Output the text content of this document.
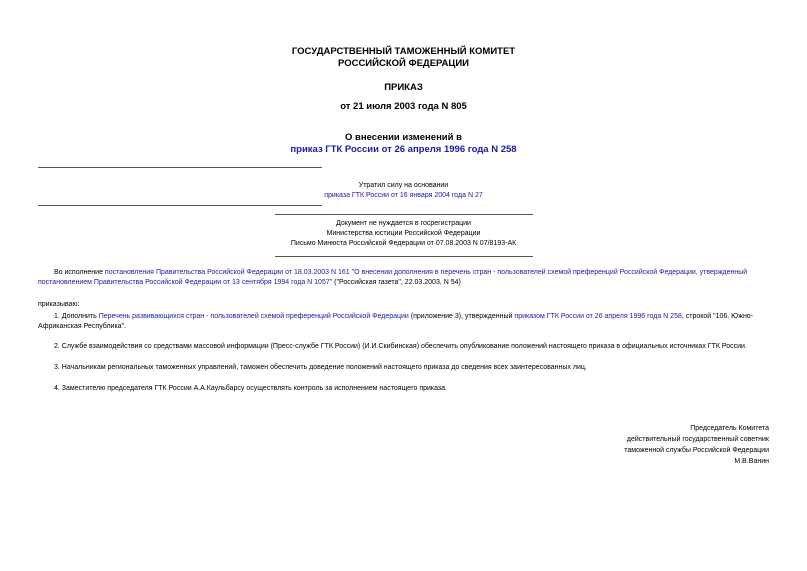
ГОСУДАРСТВЕННЫЙ ТАМОЖЕННЫЙ КОМИТЕТ
РОССИЙСКОЙ ФЕДЕРАЦИИ
ПРИКАЗ
от 21 июля 2003 года N 805
О внесении изменений в
приказ ГТК России от 26 апреля 1996 года N 258
Утратил силу на основании
приказа ГТК России от 16 января 2004 года N 27
Документ не нуждается в госрегистрации
Министерства юстиции Российской Федерации
Письмо Минюста Российской Федерации от 07.08.2003 N 07/8193-АК
Во исполнение постановления Правительства Российской Федерации от 18.03.2003 N 161 "О внесении дополнения в перечень стран - пользователей схемой преференций Российской Федерации, утвержденный постановлением Правительства Российской Федерации от 13 сентября 1994 года N 1057" ("Российская газета", 22.03.2003, N 54)
приказываю:
1. Дополнить Перечень развивающихся стран - пользователей схемой преференций Российской Федерации (приложение 3), утвержденный приказом ГТК России от 26 апреля 1996 года N 258, строкой "106. Южно-Африканская Республика".
2. Службе взаимодействия со средствами массовой информации (Пресс-службе ГТК России) (И.И.Скибинская) обеспечить опубликование положений настоящего приказа в официальных источниках ГТК России.
3. Начальникам региональных таможенных управлений, таможен обеспечить доведение положений настоящего приказа до сведения всех заинтересованных лиц.
4. Заместителю председателя ГТК России А.А.Каульбарсу осуществлять контроль за исполнением настоящего приказа.
Председатель Комитета
действительный государственный советник
таможенной службы Российской Федерации
М.В.Ванин
